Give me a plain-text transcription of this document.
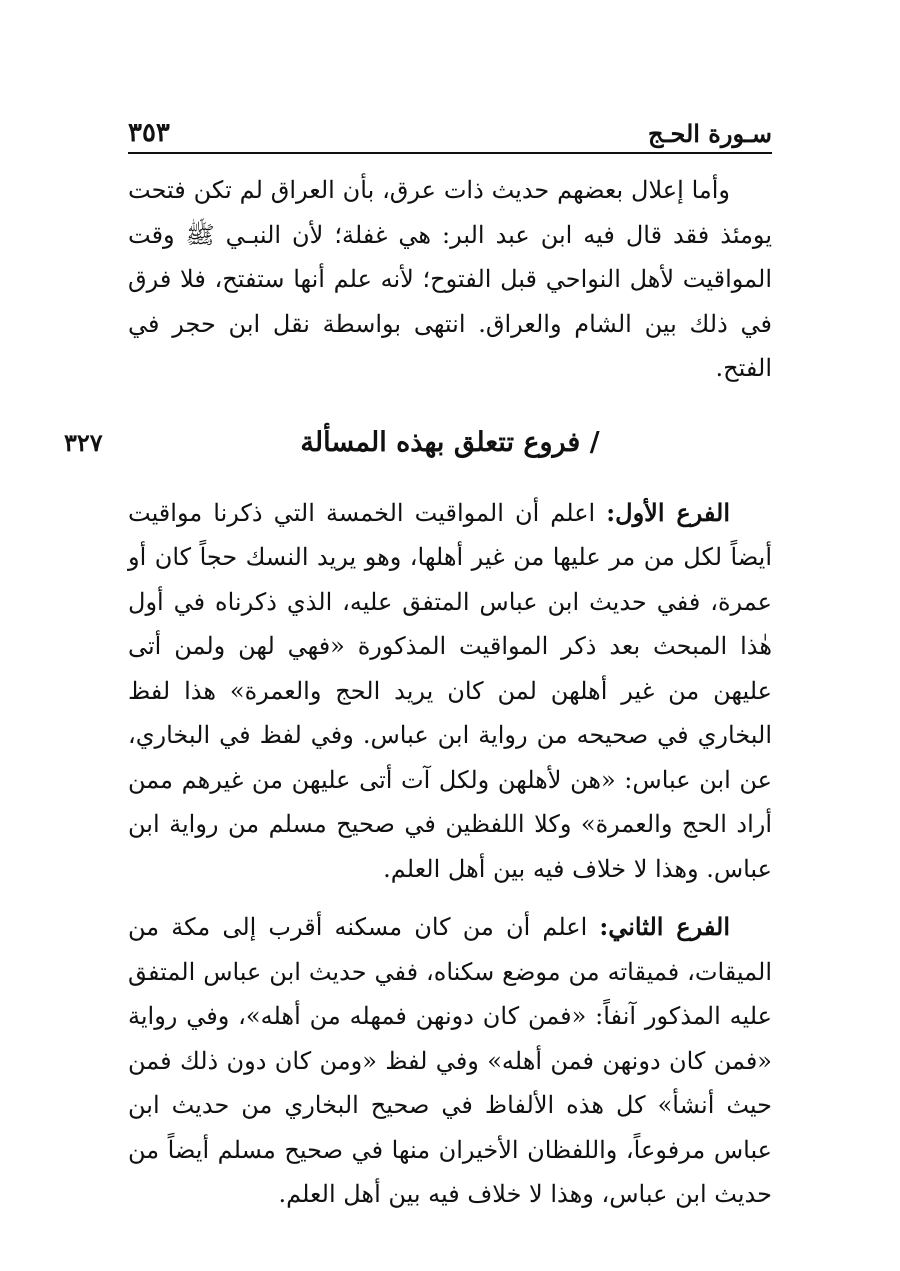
سـورة الحـج
٣٥٣

وأما إعلال بعضهم حديث ذات عرق، بأن العراق لم تكن فتحت يومئذ فقد قال فيه ابن عبد البر: هي غفلة؛ لأن النبـي ﷺ وقت المواقيت لأهل النواحي قبل الفتوح؛ لأنه علم أنها ستفتح، فلا فرق في ذلك بين الشام والعراق. انتهى بواسطة نقل ابن حجر في الفتح.

/ فروع تتعلق بهذه المسألة
٣٢٧

الفرع الأول: اعلم أن المواقيت الخمسة التي ذكرنا مواقيت أيضاً لكل من مر عليها من غير أهلها، وهو يريد النسك حجاً كان أو عمرة، ففي حديث ابن عباس المتفق عليه، الذي ذكرناه في أول هٰذا المبحث بعد ذكر المواقيت المذكورة «فهي لهن ولمن أتى عليهن من غير أهلهن لمن كان يريد الحج والعمرة» هذا لفظ البخاري في صحيحه من رواية ابن عباس. وفي لفظ في البخاري، عن ابن عباس: «هن لأهلهن ولكل آت أتى عليهن من غيرهم ممن أراد الحج والعمرة» وكلا اللفظين في صحيح مسلم من رواية ابن عباس. وهذا لا خلاف فيه بين أهل العلم.

الفرع الثاني: اعلم أن من كان مسكنه أقرب إلى مكة من الميقات، فميقاته من موضع سكناه، ففي حديث ابن عباس المتفق عليه المذكور آنفاً: «فمن كان دونهن فمهله من أهله»، وفي رواية «فمن كان دونهن فمن أهله» وفي لفظ «ومن كان دون ذلك فمن حيث أنشأ» كل هذه الألفاظ في صحيح البخاري من حديث ابن عباس مرفوعاً، واللفظان الأخيران منها في صحيح مسلم أيضاً من حديث ابن عباس، وهذا لا خلاف فيه بين أهل العلم.
